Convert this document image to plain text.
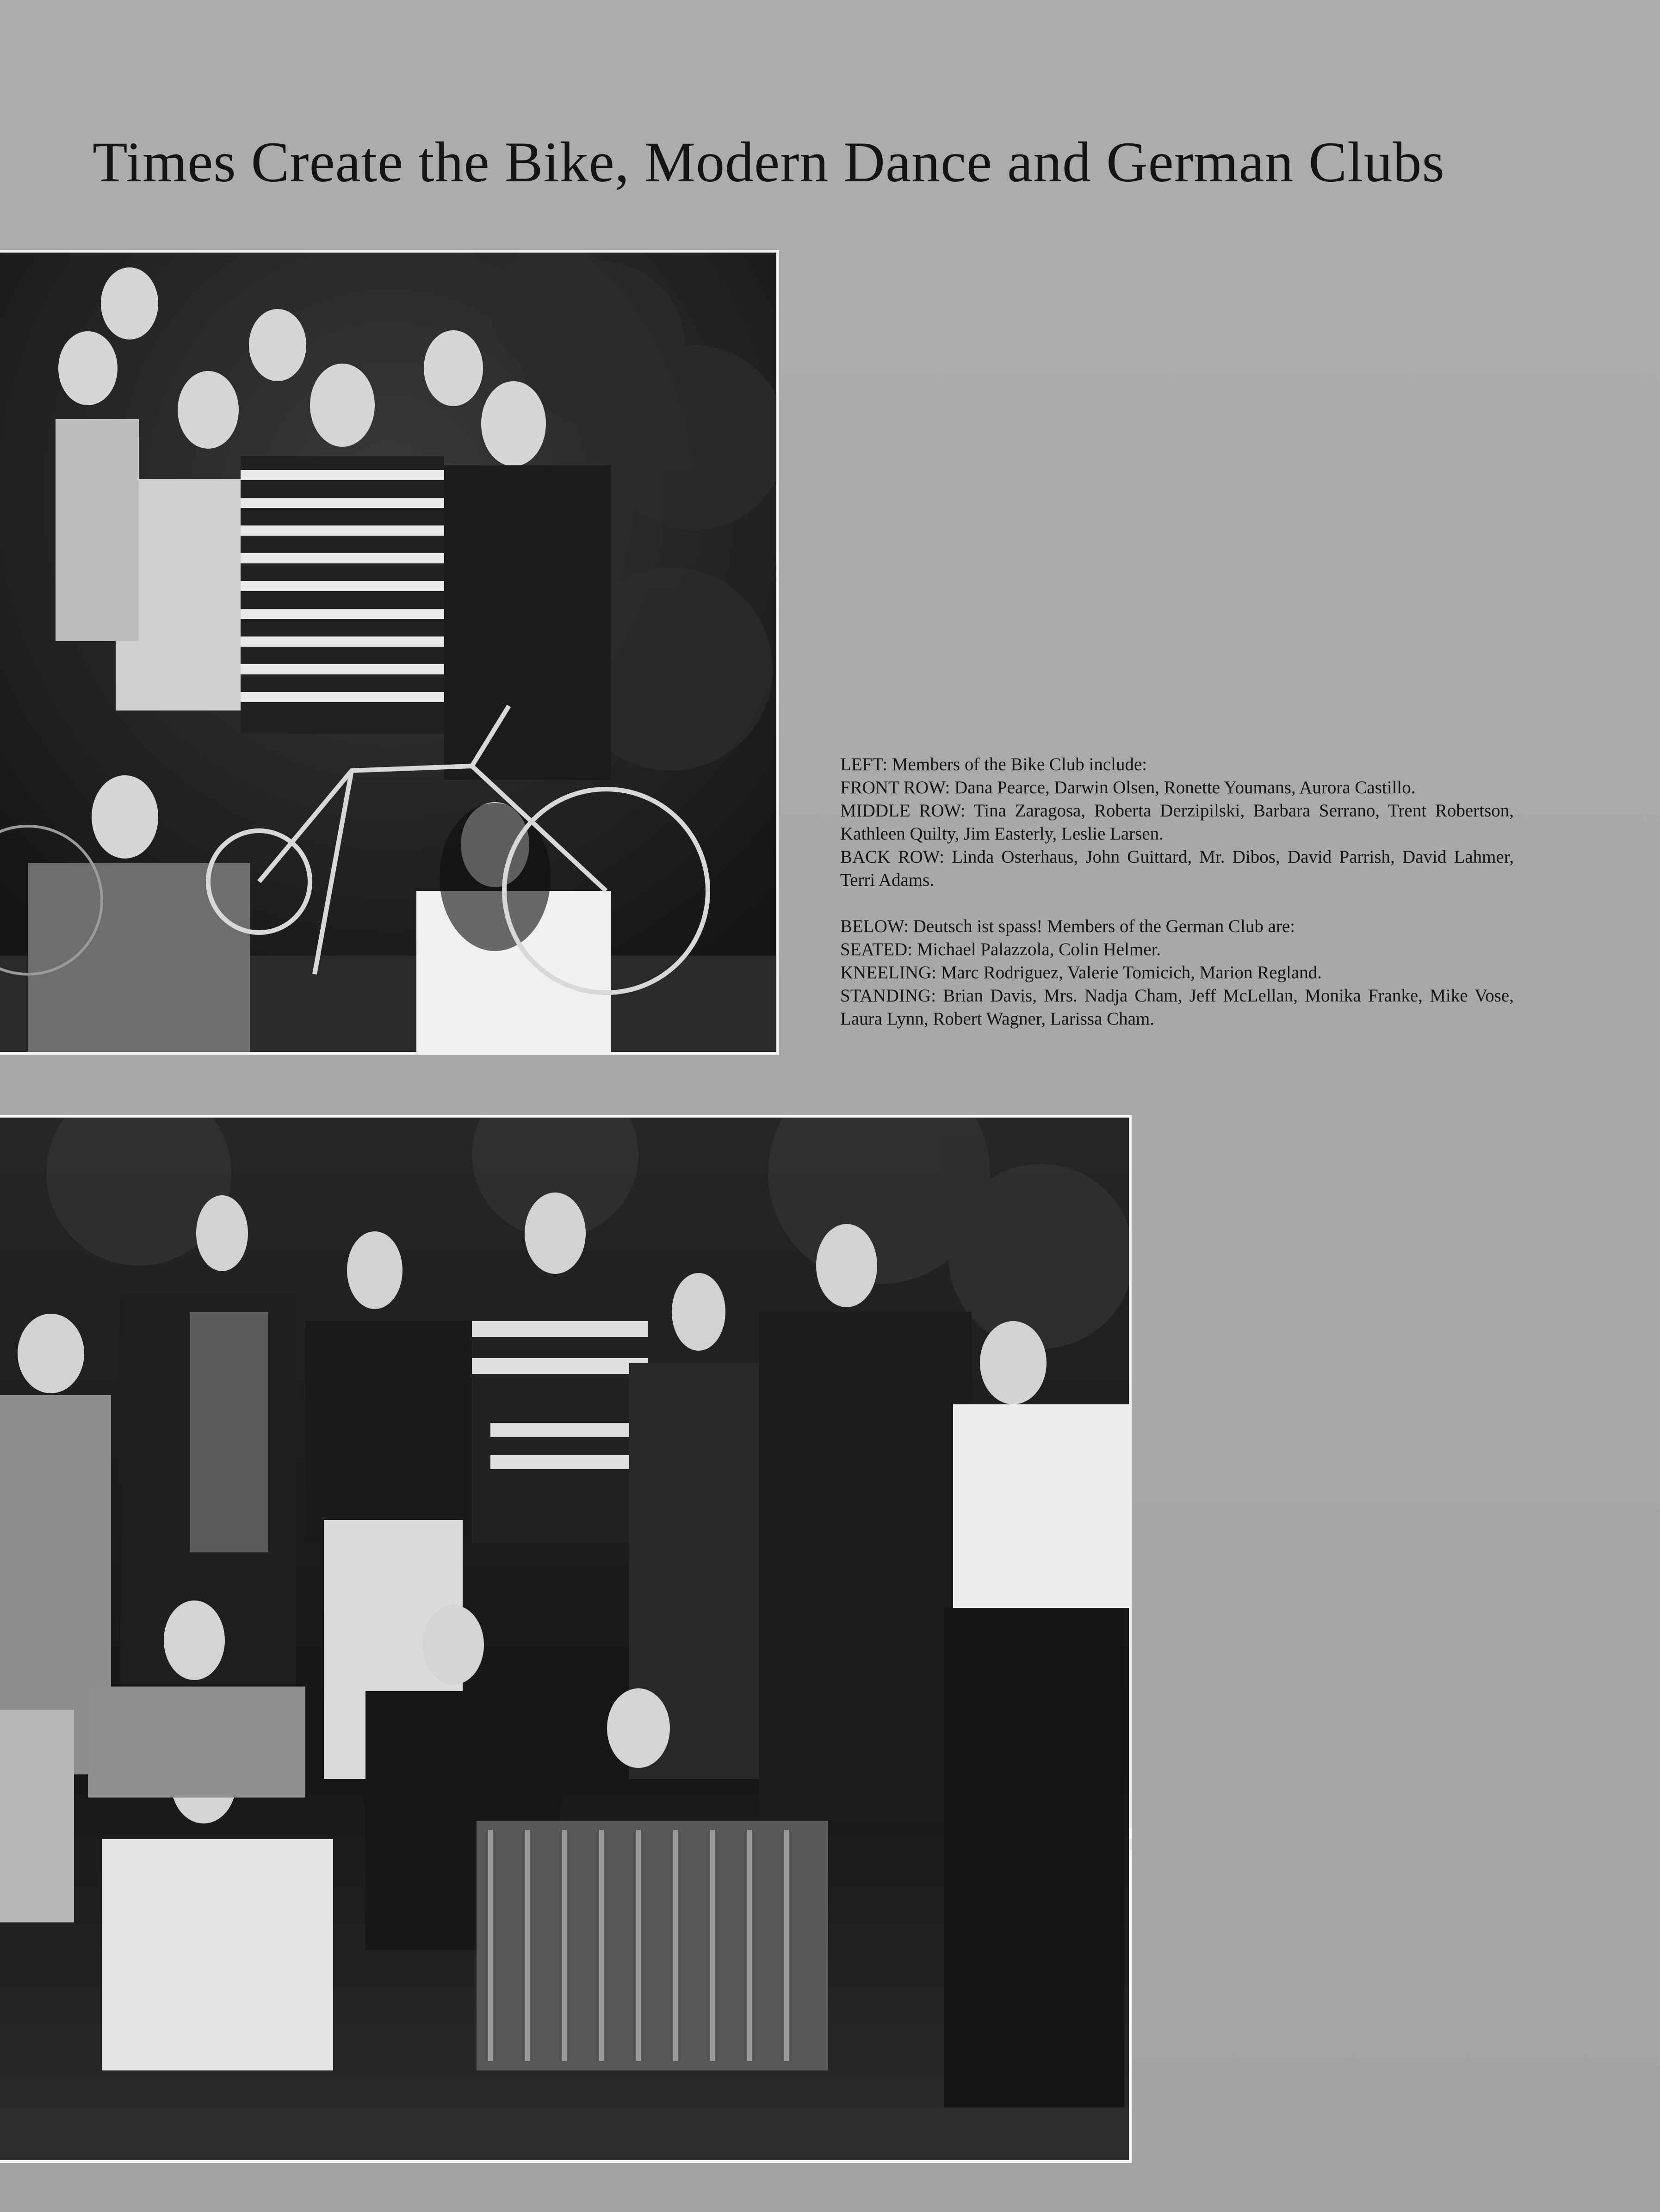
Times Create the Bike, Modern Dance and German Clubs

LEFT: Members of the Bike Club include:

FRONT ROW: Dana Pearce, Darwin Olsen, Ronette Youmans, Aurora Castillo.

MIDDLE ROW: Tina Zaragosa, Roberta Derzipilski, Barbara Serrano, Trent Robertson, Kathleen Quilty, Jim Easterly, Leslie Larsen.

BACK ROW: Linda Osterhaus, John Guittard, Mr. Dibos, David Parrish, David Lahmer, Terri Adams.

BELOW: Deutsch ist spass! Members of the German Club are:

SEATED: Michael Palazzola, Colin Helmer.

KNEELING: Marc Rodriguez, Valerie Tomicich, Marion Regland.

STANDING: Brian Davis, Mrs. Nadja Cham, Jeff McLellan, Monika Franke, Mike Vose, Laura Lynn, Robert Wagner, Larissa Cham.
